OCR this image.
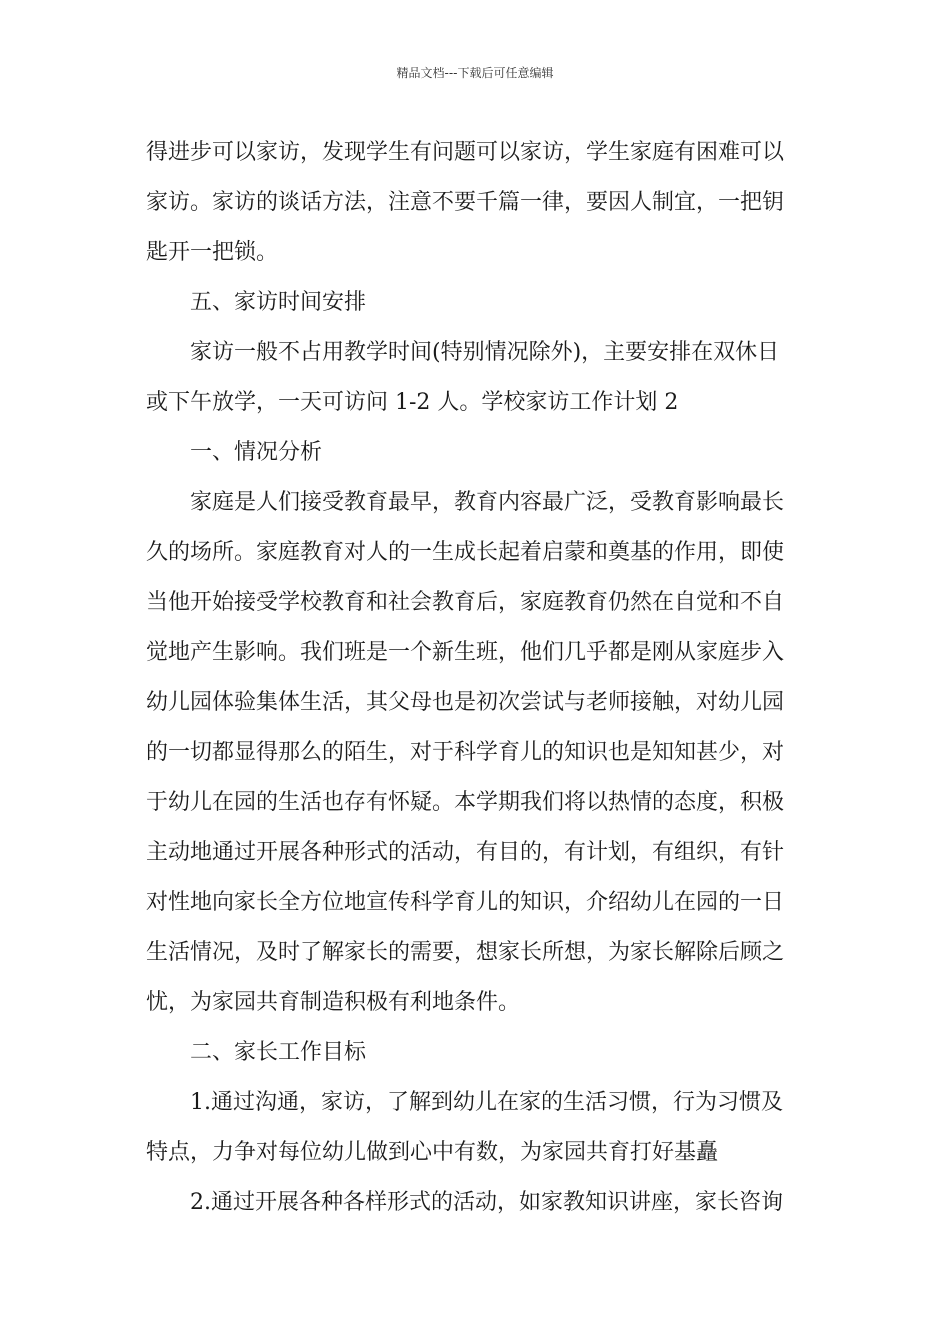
精品文档---下载后可任意编辑
得进步可以家访，发现学生有问题可以家访，学生家庭有困难可以
家访。家访的谈话方法，注意不要千篇一律，要因人制宜，一把钥
匙开一把锁。
五、家访时间安排
家访一般不占用教学时间(特别情况除外)，主要安排在双休日
或下午放学，一天可访问 1-2 人。学校家访工作计划 2
一、情况分析
家庭是人们接受教育最早，教育内容最广泛，受教育影响最长
久的场所。家庭教育对人的一生成长起着启蒙和奠基的作用，即使
当他开始接受学校教育和社会教育后，家庭教育仍然在自觉和不自
觉地产生影响。我们班是一个新生班，他们几乎都是刚从家庭步入
幼儿园体验集体生活，其父母也是初次尝试与老师接触，对幼儿园
的一切都显得那么的陌生，对于科学育儿的知识也是知知甚少，对
于幼儿在园的生活也存有怀疑。本学期我们将以热情的态度，积极
主动地通过开展各种形式的活动，有目的，有计划，有组织，有针
对性地向家长全方位地宣传科学育儿的知识，介绍幼儿在园的一日
生活情况，及时了解家长的需要，想家长所想，为家长解除后顾之
忧，为家园共育制造积极有利地条件。
二、家长工作目标
1.通过沟通，家访，了解到幼儿在家的生活习惯，行为习惯及
特点，力争对每位幼儿做到心中有数，为家园共育打好基矗
2.通过开展各种各样形式的活动，如家教知识讲座，家长咨询
